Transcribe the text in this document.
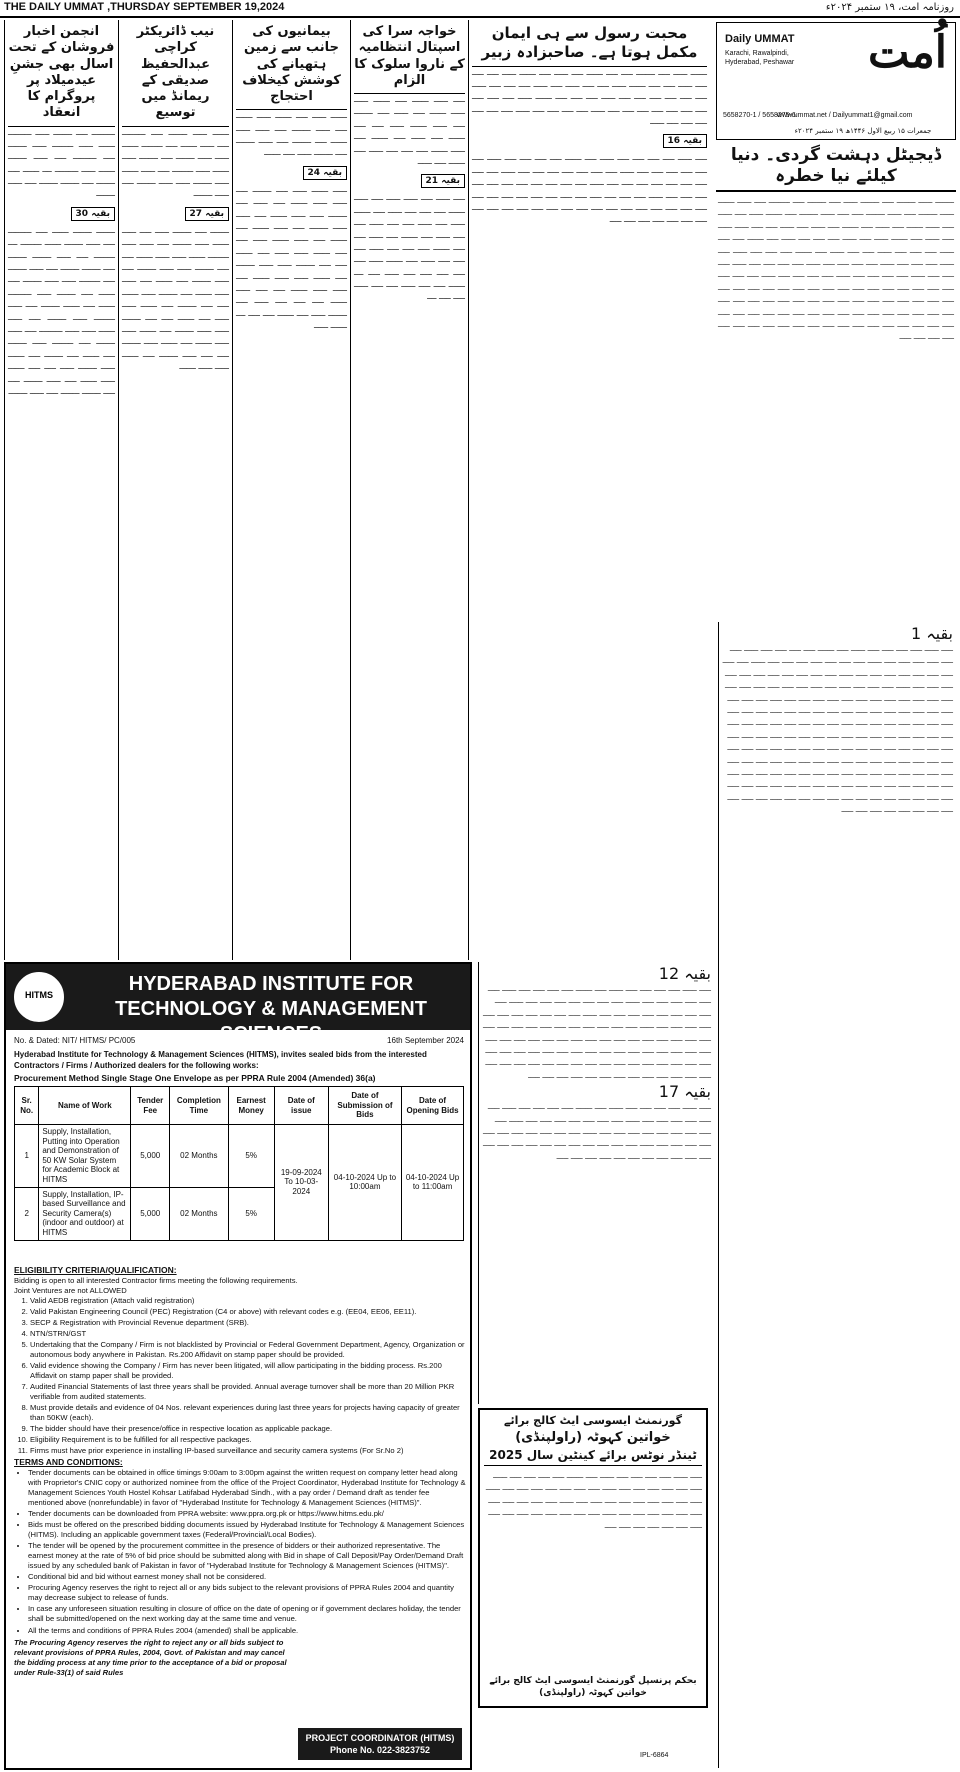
THE DAILY UMMAT ,THURSDAY SEPTEMBER 19,2024	روزنامہ امت، ۱۹ ستمبر ۲۰۲۴ء
انجمن اخبار فروشان کے تحت اسال بھی جشنِ عیدمیلاد پر پروگرام کا انعقاد
ــــــــــ ـــــ ــــــــ ــــــ ــــــــــ ـــــــ ــــــ ـــــــــ ــــــ ــــــــ ـــــ ــــــــــ ـــــ ــــــ ــــــــ ـــــــ ــــــ ــــــــــ ــــ ـــــــ ـــــ ــــــــ ـــــ ــــــــ ــــــــ ـــــ ــــــ ــــــــ
بقیہ 30
ــــــــ ــــــــ ـــــــ ـــــ ــــــــــ ـــــ ــــــ ــــــــ ـــــــ ـــــــــ ــــ ـــــــــ ـــــ ــــــ ــــــــ ــــــــ ـــــ ــــــــ ــــــــ ـــــ ــــــ ــــــــ ـــــ ـــــــــ ــــــ ــــــ ــــــــ ـــــ ـــــــ ـــــ ــــــــ ــــــ ــــــــــ ـــــــ ـــــ ـــــــ ــــــــ ـــــ ــــــ ـــــــــ ــــــ ــــــــ ـــــ ــــــ ـــــــ ــــــ ــــــ ــــــــــ ـــــ ــــــ ــــــــ ـــــ ـــــــــ ــــــ ــــــــ ـــــ ـــــــ ـــــ ــــــــ ـــــ ـــــــ ــــــ ــــــــ ــــــ ـــــ ـــــ ـــــــ ــــــ ـــــــ ـــــ ــــــ ــــــــ ـــــ ـــــ ــــــــ ــــــــ ـــــ ــــــ ــــــــ
نیب ڈائریکٹر کراچی عبدالحفیظ صدیقی کے ریمانڈ میں توسیع
ـــــــ ــــــ ــــــــ ـــــ ــــــــــ ـــــ ــــــ ـــــــ ـــــ ـــــــــ ـــــــ ــــــ ــــــ ــــــــ ـــــ ــــــــ ــــــ ـــــــ ــــــ ـــــــــ ـــــ ــــــ ـــــــ ــــــ ــــــــ ــــــ ــــــ ــــــــ ـــــ ــــــ ــــــــ
بقیہ 27
ــــــــ ـــــ ــــــــ ــــــ ـــــ ــــــ ـــــــ ــــــ ــــــــ ـــــ ــــــ ــــــ ـــــــــ ـــــــ ــــــ ــــــ ـــــــ ـــــ ـــــ ــــــــ ــــــ ــــــ ــــــــ ـــــ ــــــ ــــــــ ـــــ ـــــــ ـــــ ــــــ ــــــ ـــــــ ـــــ ــــــــ ــــــ ـــــــ ـــــ ـــــ ــــــــ ـــــ ـــــــ ــــــ ــــــ ـــــ ـــــــ ـــــ ـــــ ــــــــ ــــــ ــــــ ــــــــ ـــــ ـــــــ ــــــ ــــــ ـــــــ ـــــ ـــــــ ــــــ ــــــــ ـــــ ـــــ ــــــ ــــــــ ـــــ ـــــــ ــــــ ــــــ ـــــــ
بیمانیوں کی جانب سے زمین ہتھیانے کی کوشش کیخلاف احتجاج
ـــــــ ــــــ ـــــ ـــــــ ــــــ ـــــــ ـــــ ــــــ ــــــــ ـــــ ــــــ ــــــ ـــــــ ـــــ ــــــــ ـــــ ــــــ ــــــــ ـــــ ــــــــ ــــــ ـــــ ـــــــ
بقیہ 24
ــــــ ـــــــ ــــــ ـــــ ــــــــ ـــــ ــــــ ــــــ ـــــــ ـــــ ــــــ ـــــ ــــــــ ــــــ ــــــ ـــــــ ـــــ ــــــ ــــــ ــــــــ ـــــ ــــــ ـــــــ ـــــ ـــــــ ـــــ ــــــ ـــــــ ــــــ ـــــ ـــــ ـــــــ ــــــ ــــــ ـــــ ـــــــ ـــــ ـــــ ــــــــ ــــــ ــــــ ــــــــ ـــــ ـــــــ ــــــ ــــــ ـــــــ ـــــ ــــــ ــــــ ـــــــ ـــــ ـــــ ــــــ ـــــــ ـــــ ـــــ ـــــ ــــــ ـــــ ــــــــ ــــــ ـــــ ـــــــ ـــــ ـــــ ــــ ـــــــ ــــــ
خواجہ سرا کی اسپتال انتظامیہ کے ناروا سلوک کا الزام
ـــــ ــــــ ـــــــ ـــــ ـــــــ ــــــ ــــــ ـــــــ ـــــ ــــــ ـــــ ــــــــ ـــــ ــــــ ـــــــ ــــــ ـــــ ـــــ ـــــــ ـــــ ــــــ ـــــ ـــــــ ـــــ ــــــ ـــــــ ـــــ ـــــ ـــــ ــــــ ـــــ ـــــــ ـــــ ــــــ
بقیہ 21
ـــــ ــــــ ـــــ ــــــ ــــــ ـــــ ــــــ ـــــــ ـــــ ـــــ ـــــ ــــــ ـــــ ـــــــ ــــــ ـــــ ــــــ ـــــ ـــــ ــــــ ـــــ ـــــ ــــــ ـــــ ـــــــ ـــــ ــــــ ـــــ ـــــ ـــــــ ـــــ ـــــ ـــــ ــــــ ـــــ ـــــ ـــــ ــــــ ـــــ ـــــــ ــــــ ـــــ ـــــ ـــــ ـــــ ـــــ ــــــ ـــــ ــــ ـــــــ ـــــ ـــــ ــــــ ـــــ ـــــ ــــــ ـــــ ـــــ ــــ
محبت رسول سے ہی ایمان مکمل ہوتا ہے۔ صاحبزادہ زبیر
ـــــــ ــــــ ـــــ ــــــــ ـــــ ـــــ ـــــــ ـــــ ــــــ ـــــ ـــــــ ــــــ ـــــ ـــــ ـــــ ــــــ ـــــ ـــــ ـــــــ ــــــ ـــــ ـــــ ــــــ ـــــ ــــــ ـــــ ـــــ ـــــ ــــــ ـــــ ـــــ ـــــ ـــــ ـــــ ـــــ ــــــ ـــــ ـــــ ـــــ ـــــــ ــــــ ـــــ ـــــ ـــــ ـــــ ـــــ ـــــ ـــــ ـــــ ـــــ ـــــ ــــــ ـــــ ـــــ ـــــ ـــــ ــــــ ـــــ ـــــ ـــــ ـــــ ـــــ ـــــ ــــــ
بقیہ 16
ـــــ ــــــ ـــــ ـــــ ـــــ ـــــ ــــــ ـــــ ـــــــ ـــــ ـــــ ـــــ ـــــ ــــــ ـــــ ـــــ ـــــ ـــــ ـــــ ـــــ ــــــ ـــــ ـــــ ـــــ ـــــ ـــــ ـــــ ـــــ ــــــ ـــــ ـــــ ـــــ ـــــ ـــــ ـــــ ـــــ ـــــ ـــــ ــــــ ـــــ ـــــ ـــــ ـــــ ـــــ ـــــ ـــــ ـــــ ـــــ ـــــ ـــــ ــــــ ـــــ ـــــ ـــــ ـــــ ـــــ ـــــ ـــــ ـــــ ـــــ ـــــ ـــــ ـــــ ـــــ ـــــ ـــــ ـــــ ـــــ ـــــ ـــــ ـــــ ـــــ ـــــ ـــــ ـــــ ـــــ ـــــ ـــــ ـــــ ـــــ ـــــ ـــــ ـــــ ـــــ ـــــ ـــــ
اُمت
Daily UMMAT
Karachi, Rawalpindi, Hyderabad, Peshawar
5658270-1 / 5658275-6
www.ummat.net / Dailyummat1@gmail.com
جمعرات ۱۵ ربیع الاول ۱۴۴۶ھ ۱۹ ستمبر ۲۰۲۴ء
ڈیجیٹل دہشت گردی۔ دنیا کیلئے نیا خطرہ
ــــــــ ــــــ ــــــــ ـــــ ــــــــ ــــــ ـــــ ــــــــ ـــــ ـــــــــ ـــــ ــــــ ـــــــ ــــــ ــــــــ ـــــ ــــــ ــــــــ ـــــ ـــــ ــــــ ــــــــ ـــــ ـــــــ ــــــ ـــــ ــــــ ـــــ ــــــ ـــــــ ـــــ ــــــ ـــــ ـــــــ ـــــ ــــــ ـــــ ــــــ ـــــ ـــــ ــــــ ــــــ ـــــ ــــــ ـــــ ـــــــ ــــــ ـــــ ــــــ ـــــ ـــــ ـــــ ــــــ ـــــ ـــــــ ـــــ ـــــ ــــــ ـــــ ـــــ ـــــ ــــــ ـــــ ـــــ ــــــ ـــــ ـــــــ ـــــ ـــــ ـــــ ــــــ ـــــ ــــــ ـــــ ـــــ ـــــ ــــــ ـــــ ـــــ ـــــ ـــــ ــــــ ـــــ ـــــ ـــــ ـــــ ــــــ ـــــ ـــــ ـــــ ــــــ ـــــ ـــــ ـــــ ـــــ ــــــ ـــــ ـــــ ـــــ ـــــ ــــــ ـــــ ـــــ ـــــ ـــــ ـــــ ـــــ ـــــ ـــــ ـــــ ـــــ ـــــ ـــــ ـــــ ـــــ ـــــ ـــــ ـــــ ـــــ ـــــ ـــــ ـــــ ـــــ ـــــ ـــــ ـــــ ـــــ ـــــ ـــــ ـــــ ـــــ ـــــ ـــــ ـــــ ـــــ ـــــ ـــــ ـــــ ـــــ ـــــ ـــــ ـــــ ـــــ ـــــ ـــــ ـــــ ـــــ ـــــ ـــــ ـــــ ـــــ ـــــ ـــــ ـــــ ـــــ ـــــ ـــــ ـــــ ـــــ ـــــ ـــــ ـــــ ـــــ ـــــ ـــــ ـــــ ـــــ ـــــ ـــــ ـــــ ـــــ ـــــ
بقیہ 1
ـــــ ــــــ ـــــ ـــــ ـــــ ـــــ ــــــ ـــــ ـــــــ ـــــ ـــــ ـــــ ـــــ ــــــ ـــــ ـــــ ـــــ ـــــ ـــــ ـــــ ــــــ ـــــ ـــــ ـــــ ـــــ ـــــ ـــــ ـــــ ــــــ ـــــ ـــــ ـــــ ـــــ ـــــ ـــــ ـــــ ـــــ ـــــ ــــــ ـــــ ـــــ ـــــ ـــــ ـــــ ـــــ ـــــ ـــــ ـــــ ـــــ ـــــ ــــــ ـــــ ـــــ ـــــ ـــــ ـــــ ـــــ ـــــ ـــــ ـــــ ـــــ ـــــ ـــــ ـــــ ـــــ ـــــ ـــــ ـــــ ـــــ ـــــ ـــــ ـــــ ـــــ ـــــ ـــــ ـــــ ـــــ ـــــ ـــــ ـــــ ـــــ ـــــ ـــــ ـــــ ـــــ ـــــ ـــــ ـــــ ـــــ ـــــ ـــــ ـــــ ـــــ ـــــ ـــــ ـــــ ـــــ ـــــ ـــــ ـــــ ـــــ ـــــ ـــــ ـــــ ـــــ ـــــ ـــــ ـــــ ـــــ ـــــ ـــــ ـــــ ـــــ ـــــ ـــــ ـــــ ـــــ ـــــ ـــــ ـــــ ـــــ ـــــ ـــــ ـــــ ـــــ ـــــ ـــــ ـــــ ـــــ ـــــ ـــــ ـــــ ـــــ ـــــ ـــــ ـــــ ـــــ ـــــ ـــــ ـــــ ـــــ ـــــ ـــــ ـــــ ـــــ ـــــ ـــــ ـــــ ـــــ ـــــ ـــــ ـــــ ـــــ ـــــ ـــــ ـــــ ـــــ ـــــ ـــــ ـــــ ـــــ ـــــ ـــــ ـــــ ـــــ ـــــ ـــــ ـــــ ـــــ ـــــ ـــــ ـــــ ـــــ ـــــ ـــــ ـــــ ـــــ ـــــ ـــــ ـــــ ـــــ ـــــ ـــــ ـــــ ـــــ ـــــ ـــــ ـــــ ـــــ ـــــ ـــــ ـــــ ـــــ ـــــ ـــــ ـــــ ـــــ ـــــ ـــــ ـــــ ـــــ ـــــ ـــــ ـــــ ـــــ ـــــ ـــــ ـــــ ـــــ ـــــ ـــــ ـــــ ـــــ ـــــ ـــــ
بقیہ 12
ـــــ ــــــ ـــــ ـــــ ـــــ ـــــ ــــــ ـــــ ـــــــ ـــــ ـــــ ـــــ ـــــ ــــــ ـــــ ـــــ ـــــ ـــــ ـــــ ـــــ ــــــ ـــــ ـــــ ـــــ ـــــ ـــــ ـــــ ـــــ ــــــ ـــــ ـــــ ـــــ ـــــ ـــــ ـــــ ـــــ ـــــ ـــــ ــــــ ـــــ ـــــ ـــــ ـــــ ـــــ ـــــ ـــــ ـــــ ـــــ ـــــ ـــــ ــــــ ـــــ ـــــ ـــــ ـــــ ـــــ ـــــ ـــــ ـــــ ـــــ ـــــ ـــــ ـــــ ـــــ ـــــ ـــــ ـــــ ـــــ ـــــ ـــــ ـــــ ـــــ ـــــ ـــــ ـــــ ـــــ ـــــ ـــــ ـــــ ـــــ ـــــ ـــــ ـــــ ـــــ ـــــ ـــــ ـــــ ـــــ ـــــ ـــــ ـــــ ـــــ ـــــ ـــــ ـــــ ـــــ ـــــ ـــــ ـــــ ـــــ ـــــ ـــــ ـــــ ـــــ ـــــ ـــــ ـــــ ـــــ ـــــ ـــــ ـــــ ـــــ ـــــ ـــــ ـــــ ـــــ ـــــ ـــــ ـــــ ـــــ ـــــ ـــــ ـــــ
بقیہ 17
ـــــ ــــــ ـــــ ـــــ ـــــ ـــــ ــــــ ـــــ ـــــــ ـــــ ـــــ ـــــ ـــــ ــــــ ـــــ ـــــ ـــــ ـــــ ـــــ ـــــ ــــــ ـــــ ـــــ ـــــ ـــــ ـــــ ـــــ ـــــ ــــــ ـــــ ـــــ ـــــ ـــــ ـــــ ـــــ ـــــ ـــــ ـــــ ــــــ ـــــ ـــــ ـــــ ـــــ ـــــ ـــــ ـــــ ـــــ ـــــ ـــــ ـــــ ــــــ ـــــ ـــــ ـــــ ـــــ ـــــ ـــــ ـــــ ـــــ ـــــ ـــــ ـــــ ـــــ ـــــ ـــــ ـــــ ـــــ ـــــ ـــــ ـــــ ـــــ ـــــ ـــــ
HITMS	HYDERABAD INSTITUTE FOR TECHNOLOGY & MANAGEMENT SCIENCES
No. & Dated: NIT/ HITMS/ PC/005	16th September 2024
Hyderabad Institute for Technology & Management Sciences (HITMS), invites sealed bids from the interested Contractors / Firms / Authorized dealers for the following works:
Procurement Method Single Stage One Envelope as per PPRA Rule 2004 (Amended) 36(a)
Sr. No.	Name of Work	Tender Fee	Completion Time	Earnest Money	Date of issue	Date of Submission of Bids	Date of Opening Bids
1	Supply, Installation, Putting into Operation and Demonstration of 50 KW Solar System for Academic Block at HITMS	5,000	02 Months	5%	19-09-2024 To 10-03-2024	04-10-2024 Up to 10:00am	04-10-2024 Up to 11:00am
2	Supply, Installation, IP-based Surveillance and Security Camera(s) (indoor and outdoor) at HITMS	5,000	02 Months	5%			
ELIGIBILITY CRITERIA/QUALIFICATION:
Bidding is open to all interested Contractor firms meeting the following requirements.
Joint Ventures are not ALLOWED
1. Valid AEDB registration (Attach valid registration)
2. Valid Pakistan Engineering Council (PEC) Registration (C4 or above) with relevant codes e.g. (EE04, EE06, EE11).
3. SECP & Registration with Provincial Revenue department (SRB).
4. NTN/STRN/GST
5. Undertaking that the Company / Firm is not blacklisted by Provincial or Federal Government Department, Agency, Organization or autonomous body anywhere in Pakistan. Rs.200 Affidavit on stamp paper should be provided.
6. Valid evidence showing the Company / Firm has never been litigated, will allow participating in the bidding process. Rs.200 Affidavit on stamp paper shall be provided.
7. Audited Financial Statements of last three years shall be provided. Annual average turnover shall be more than 20 Million PKR verifiable from audited statements.
8. Must provide details and evidence of 04 Nos. relevant experiences during last three years for projects having capacity of greater than 50KW (each).
9. The bidder should have their presence/office in respective location as applicable package.
10. Eligibility Requirement is to be fulfilled for all respective packages.
11. Firms must have prior experience in installing IP-based surveillance and security camera systems (For Sr.No 2)
TERMS AND CONDITIONS:
• Tender documents can be obtained in office timings 9:00am to 3:00pm against the written request on company letter head along with Proprietor's CNIC copy or authorized nominee from the office of the Project Coordinator, Hyderabad Institute for Technology & Management Sciences Youth Hostel Kohsar Latifabad Hyderabad Sindh., with a pay order / Demand draft as tender fee mentioned above (nonrefundable) in favor of "Hyderabad Institute for Technology & Management Sciences (HITMS)".
• Tender documents can be downloaded from PPRA website: www.ppra.org.pk or https://www.hitms.edu.pk/
• Bids must be offered on the prescribed bidding documents issued by Hyderabad Institute for Technology & Management Sciences (HITMS). Including an applicable government taxes (Federal/Provincial/Local Bodies).
• The tender will be opened by the procurement committee in the presence of bidders or their authorized representative. The earnest money at the rate of 5% of bid price should be submitted along with Bid in shape of Call Deposit/Pay Order/Demand Draft issued by any scheduled bank of Pakistan in favor of "Hyderabad Institute for Technology & Management Sciences (HITMS)".
• Conditional bid and bid without earnest money shall not be considered.
• Procuring Agency reserves the right to reject all or any bids subject to the relevant provisions of PPRA Rules 2004 and quantity may decrease subject to release of funds.
• In case any unforeseen situation resulting in closure of office on the date of opening or if government declares holiday, the tender shall be submitted/opened on the next working day at the same time and venue.
• All the terms and conditions of PPRA Rules 2004 (amended) shall be applicable.
The Procuring Agency reserves the right to reject any or all bids subject to relevant provisions of PPRA Rules, 2004, Govt. of Pakistan and may cancel the bidding process at any time prior to the acceptance of a bid or proposal under Rule-33(1) of said Rules
PROJECT COORDINATOR (HITMS) Phone No. 022-3823752
گورنمنٹ ایسوسی ایٹ کالج برائے
خواتین کہوٹہ (راولپنڈی)
ٹینڈر نوٹس برائے کینٹین سال 2025
ـــــ ــــــ ـــــ ـــــ ـــــ ـــــ ــــــ ـــــ ـــــــ ـــــ ـــــ ـــــ ـــــ ــــــ ـــــ ـــــ ـــــ ـــــ ـــــ ـــــ ــــــ ـــــ ـــــ ـــــ ـــــ ـــــ ـــــ ـــــ ــــــ ـــــ ـــــ ـــــ ـــــ ـــــ ـــــ ـــــ ـــــ ـــــ ــــــ ـــــ ـــــ ـــــ ـــــ ـــــ ـــــ ـــــ ـــــ ـــــ ـــــ ـــــ ــــــ ـــــ ـــــ ـــــ ـــــ ـــــ ـــــ ـــــ ـــــ ـــــ ـــــ ـــــ ـــــ ـــــ ـــــ ـــــ
بحکم پرنسپل گورنمنٹ ایسوسی ایٹ کالج برائے خواتین کہوٹہ (راولپنڈی)
IPL-6864
